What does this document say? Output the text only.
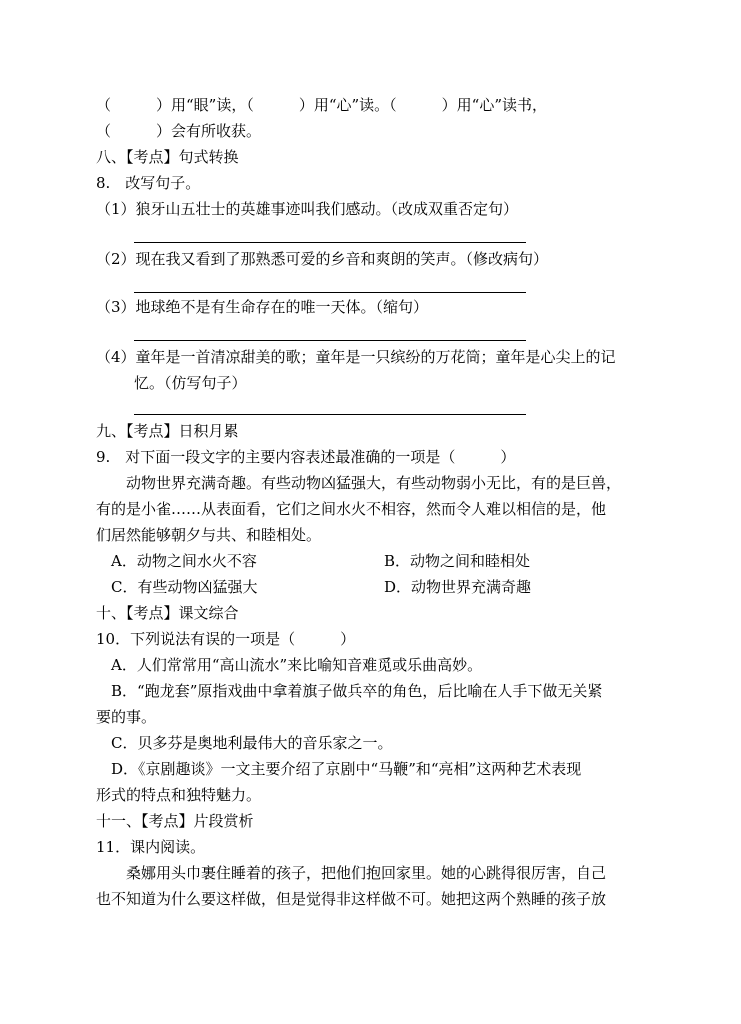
（　　　）用“眼”读，（　　　）用“心”读。（　　　）用“心”读书，
（　　　）会有所收获。
八、【考点】句式转换
8.　改写句子。
（1）狼牙山五壮士的英雄事迹叫我们感动。（改成双重否定句）
（2）现在我又看到了那熟悉可爱的乡音和爽朗的笑声。（修改病句）
（3）地球绝不是有生命存在的唯一天体。（缩句）
（4）童年是一首清凉甜美的歌；童年是一只缤纷的万花筒；童年是心尖上的记
忆。（仿写句子）
九、【考点】日积月累
9.　对下面一段文字的主要内容表述最准确的一项是（　　　）
动物世界充满奇趣。有些动物凶猛强大，有些动物弱小无比，有的是巨兽，
有的是小雀……从表面看，它们之间水火不相容，然而令人难以相信的是，他
们居然能够朝夕与共、和睦相处。
A．动物之间水火不容	B．动物之间和睦相处
C．有些动物凶猛强大	D．动物世界充满奇趣
十、【考点】课文综合
10．下列说法有误的一项是（　　　）
A．人们常常用“高山流水”来比喻知音难觅或乐曲高妙。
B．“跑龙套”原指戏曲中拿着旗子做兵卒的角色，后比喻在人手下做无关紧
要的事。
C．贝多芬是奥地利最伟大的音乐家之一。
D．《京剧趣谈》一文主要介绍了京剧中“马鞭”和“亮相”这两种艺术表现
形式的特点和独特魅力。
十一、【考点】片段赏析
11．课内阅读。
桑娜用头巾裹住睡着的孩子，把他们抱回家里。她的心跳得很厉害，自己
也不知道为什么要这样做，但是觉得非这样做不可。她把这两个熟睡的孩子放
